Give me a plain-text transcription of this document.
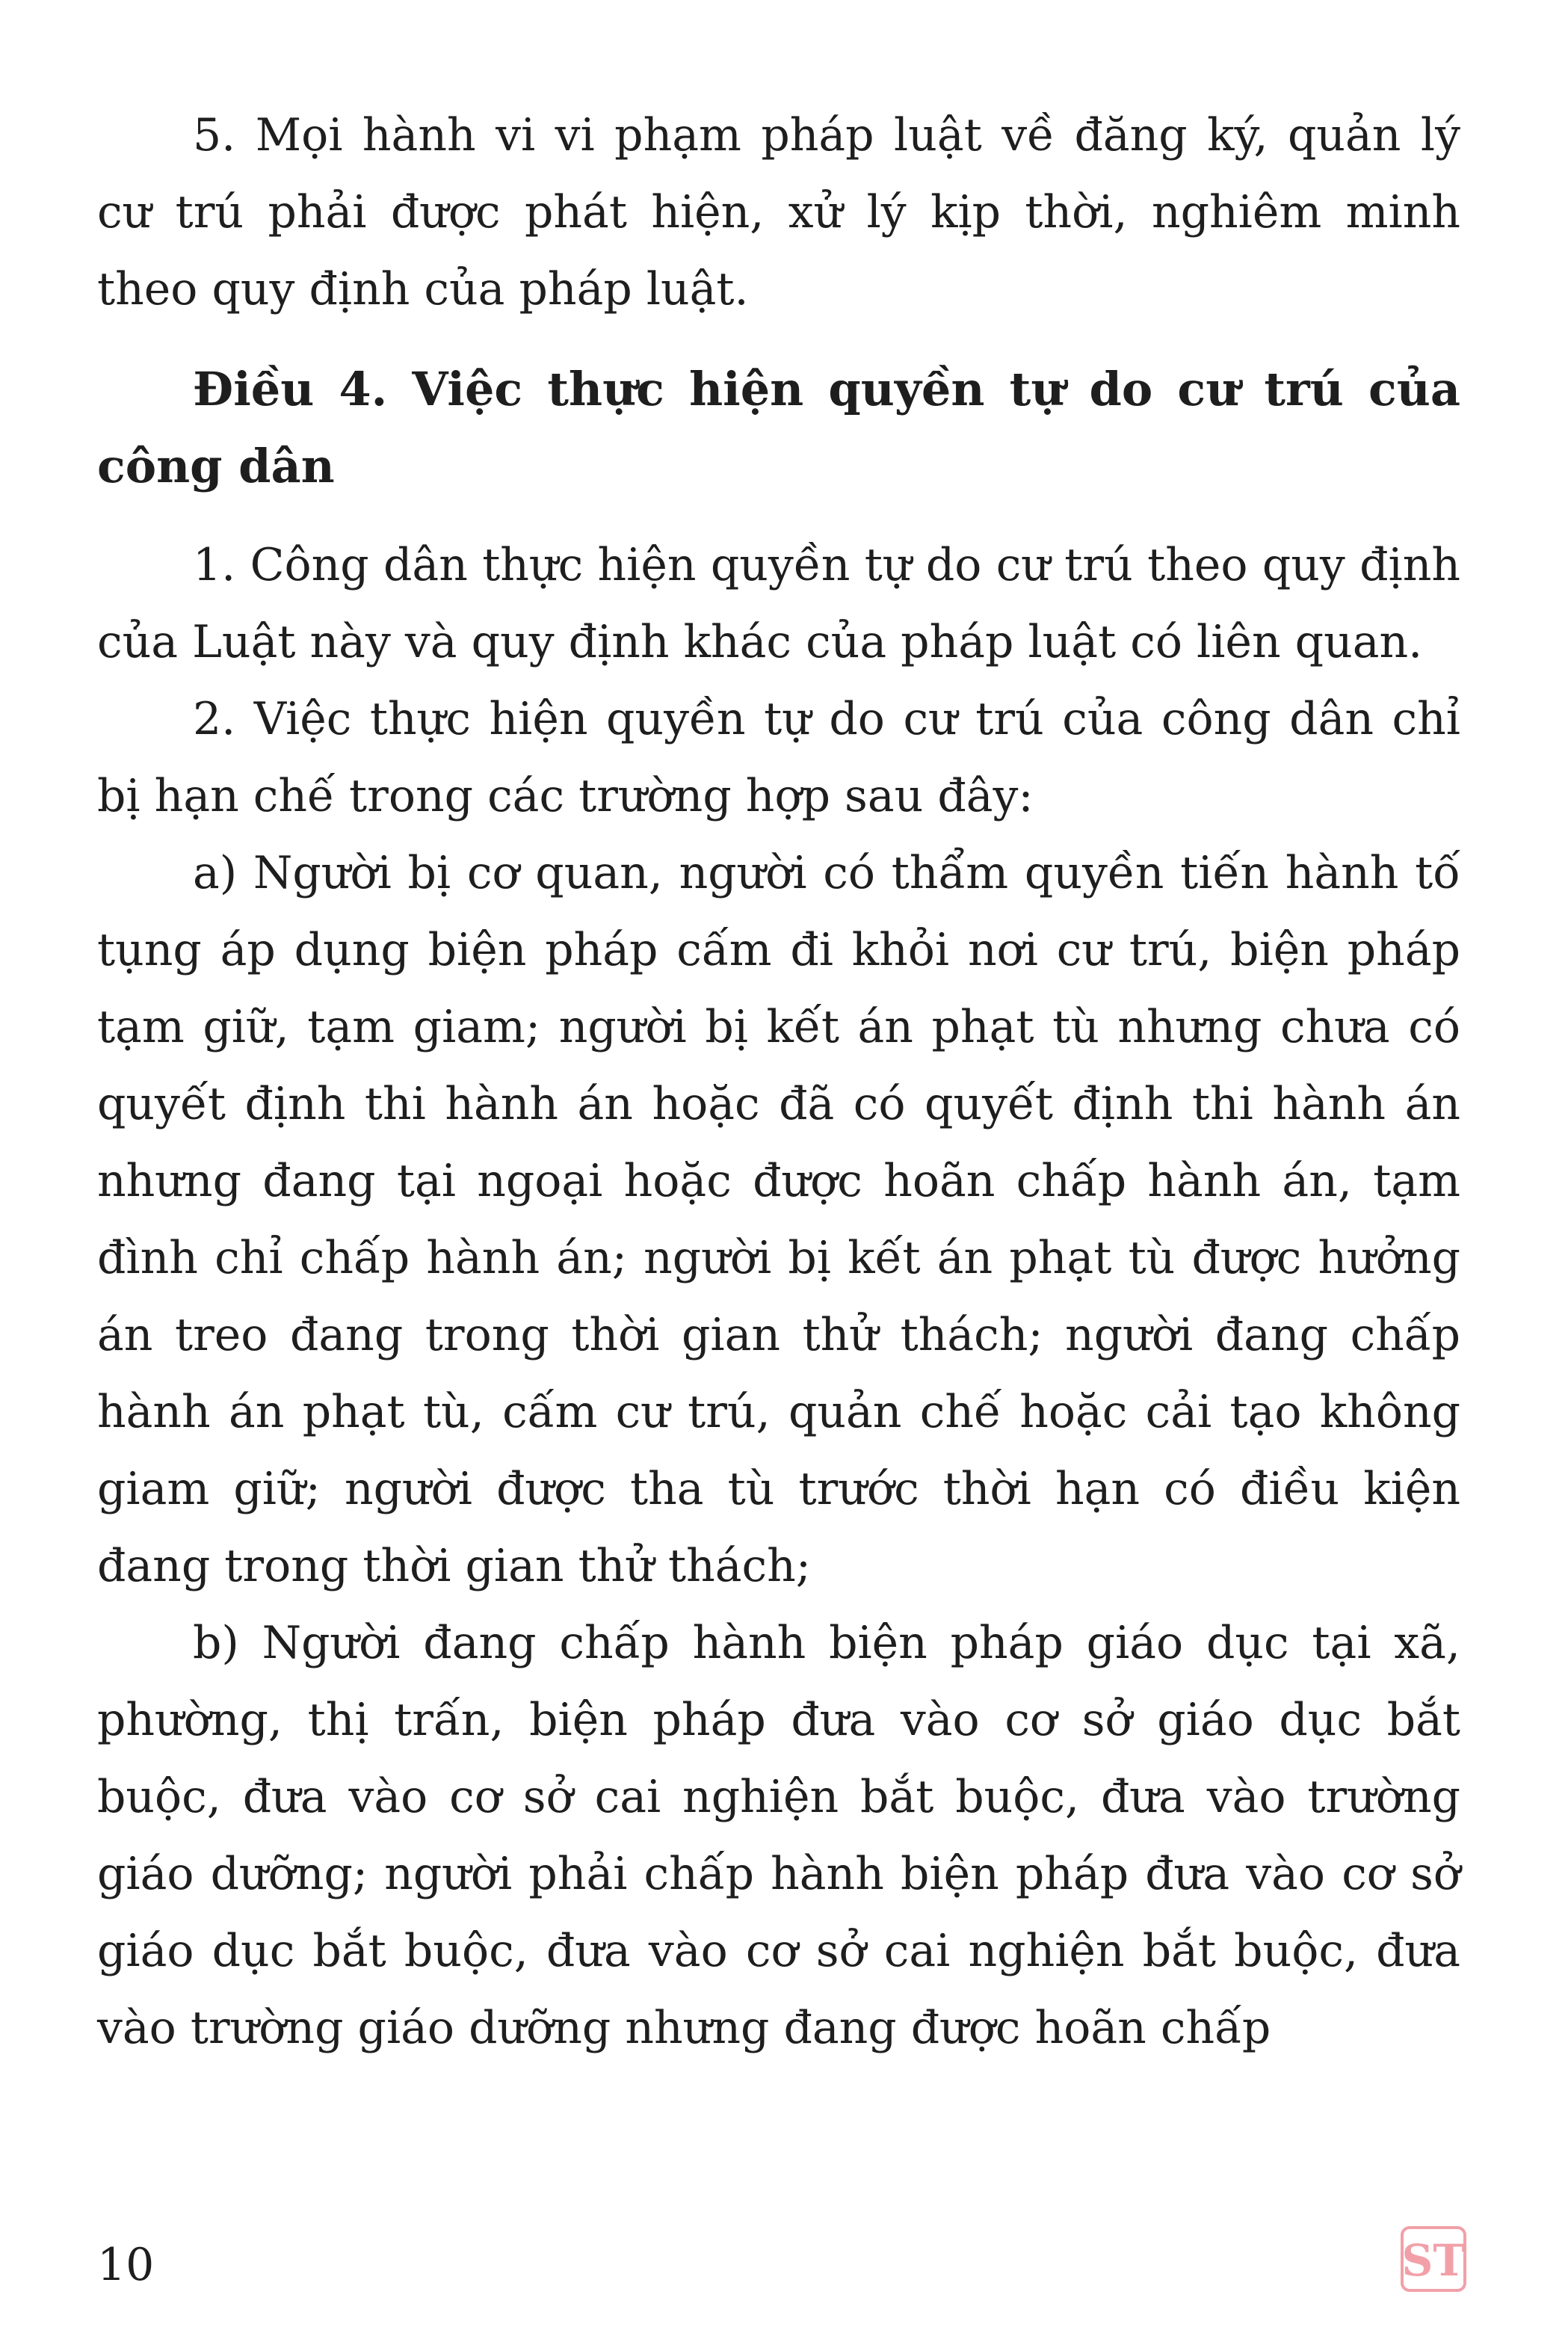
5. Mọi hành vi vi phạm pháp luật về đăng ký, quản lý cư trú phải được phát hiện, xử lý kịp thời, nghiêm minh theo quy định của pháp luật.

Điều 4. Việc thực hiện quyền tự do cư trú của công dân

1. Công dân thực hiện quyền tự do cư trú theo quy định của Luật này và quy định khác của pháp luật có liên quan.

2. Việc thực hiện quyền tự do cư trú của công dân chỉ bị hạn chế trong các trường hợp sau đây:

a) Người bị cơ quan, người có thẩm quyền tiến hành tố tụng áp dụng biện pháp cấm đi khỏi nơi cư trú, biện pháp tạm giữ, tạm giam; người bị kết án phạt tù nhưng chưa có quyết định thi hành án hoặc đã có quyết định thi hành án nhưng đang tại ngoại hoặc được hoãn chấp hành án, tạm đình chỉ chấp hành án; người bị kết án phạt tù được hưởng án treo đang trong thời gian thử thách; người đang chấp hành án phạt tù, cấm cư trú, quản chế hoặc cải tạo không giam giữ; người được tha tù trước thời hạn có điều kiện đang trong thời gian thử thách;

b) Người đang chấp hành biện pháp giáo dục tại xã, phường, thị trấn, biện pháp đưa vào cơ sở giáo dục bắt buộc, đưa vào cơ sở cai nghiện bắt buộc, đưa vào trường giáo dưỡng; người phải chấp hành biện pháp đưa vào cơ sở giáo dục bắt buộc, đưa vào cơ sở cai nghiện bắt buộc, đưa vào trường giáo dưỡng nhưng đang được hoãn chấp

10	ST
